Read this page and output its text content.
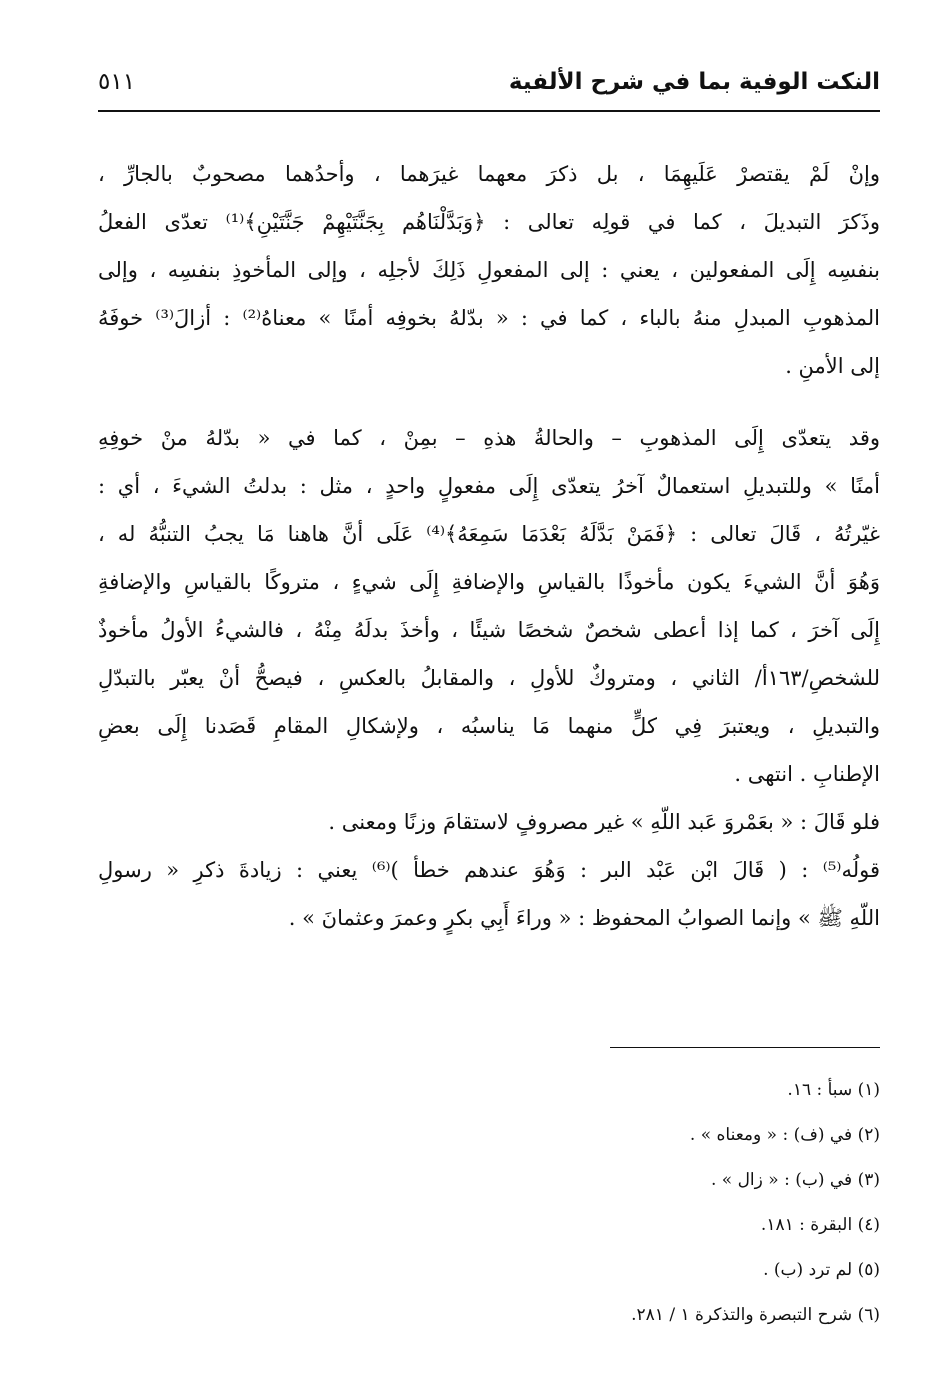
النكت الوفية بما في شرح الألفية
٥١١
وإنْ لَمْ يقتصرْ عَلَيهِمَا ، بل ذكرَ معهما غيرَهما ، وأحدُهما مصحوبٌ بالجارِّ ،
وذَكرَ التبديلَ ، كما في قولِه تعالى : ﴿وَبَدَّلْنَاهُم بِجَنَّتَيْهِمْ جَنَّتَيْنِ﴾⁽¹⁾ تعدّى الفعلُ
بنفسِه إِلَى المفعولين ، يعني : إلى المفعولِ ذَلِكَ لأجلِه ، وإلى المأخوذِ بنفسِه ، وإلى
المذهوبِ المبدلِ منهُ بالباء ، كما في : « بدّلهُ بخوفِه أمنًا » معناهُ⁽²⁾ : أزالَ⁽³⁾ خوفَهُ
إلى الأمنِ .
وقد يتعدّى إِلَى المذهوبِ – والحالةُ هذهِ – بمِنْ ، كما في « بدّلهُ منْ خوفِهِ
أمنًا » وللتبديلِ استعمالٌ آخرُ يتعدّى إِلَى مفعولٍ واحدٍ ، مثل : بدلتُ الشيءَ ، أي :
غيّرتُهُ ، قَالَ تعالى : ﴿فَمَنْ بَدَّلَهُ بَعْدَمَا سَمِعَهُ﴾⁽⁴⁾ عَلَى أنَّ هاهنا مَا يجبُ التنبُّهُ له ،
وَهُوَ أنَّ الشيءَ يكون مأخوذًا بالقياسِ والإضافةِ إِلَى شيءٍ ، متروكًا بالقياسِ والإضافةِ
إِلَى آخرَ ، كما إذا أعطى شخصٌ شخصًا شيئًا ، وأخذَ بدلَهُ مِنْهُ ، فالشيءُ الأولُ مأخوذٌ
للشخصِ/١٦٣أ/ الثاني ، ومتروكٌ للأولِ ، والمقابلُ بالعكسِ ، فيصحُّ أنْ يعبّر بالتبدّلِ
والتبديلِ ، ويعتبرَ فِي كلٍّ منهما مَا يناسبُه ، ولإشكالِ المقامِ قَصَدنا إِلَى بعضِ
الإطنابِ . انتهى .
فلو قَالَ : « بعَمْروَ عَبد اللّهِ » غير مصروفٍ لاستقامَ وزنًا ومعنى .
قولُه⁽⁵⁾ : ( قَالَ ابْن عَبْد البر : وَهُوَ عندهم خطأ )⁽⁶⁾ يعني : زيادةَ ذكرِ « رسولِ
اللّهِ ﷺ » وإنما الصوابُ المحفوظ : « وراءَ أَبِي بكرٍ وعمرَ وعثمانَ » .
(١) سبأ : ١٦.
(٢) في (ف) : « ومعناه » .
(٣) في (ب) : « زال » .
(٤) البقرة : ١٨١.
(٥) لم ترد (ب) .
(٦) شرح التبصرة والتذكرة ١ / ٢٨١.
